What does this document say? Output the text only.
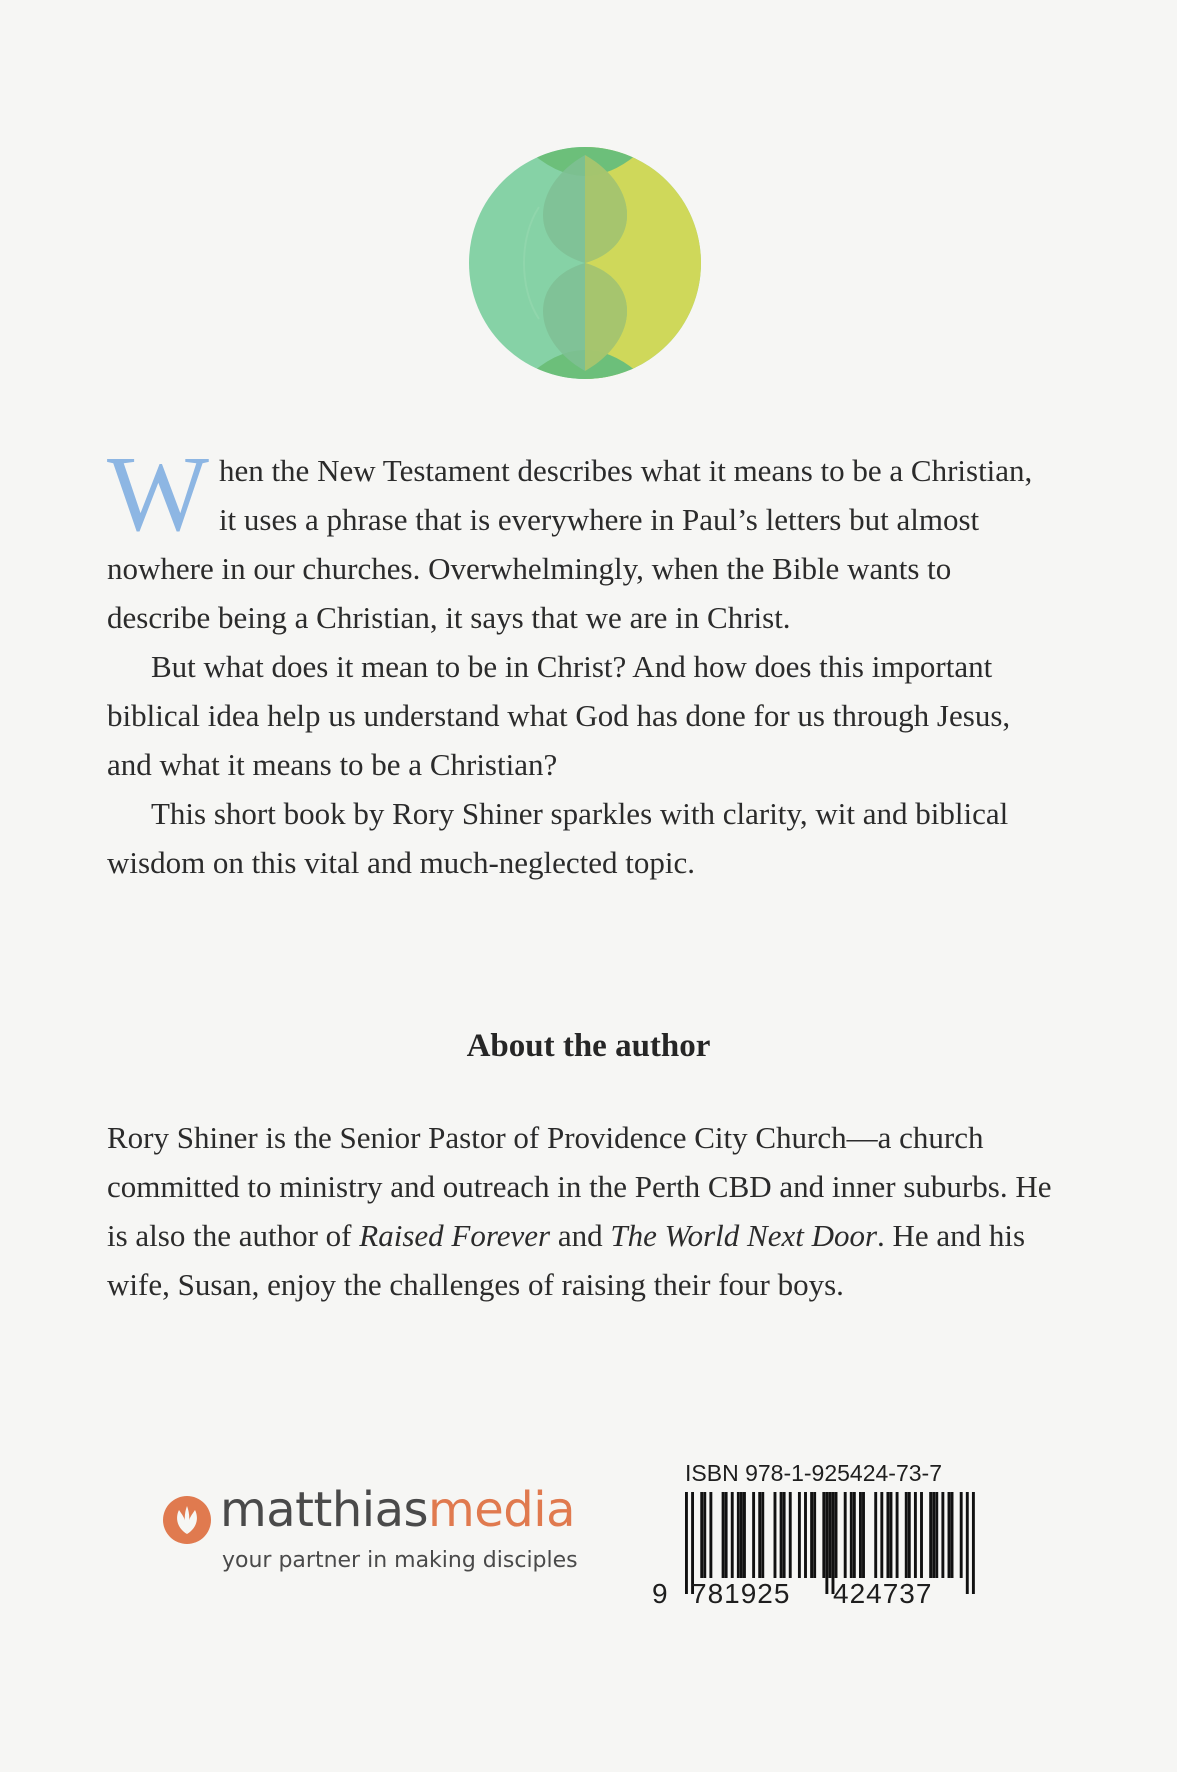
When the New Testament describes what it means to be a Christian, it uses a phrase that is everywhere in Paul’s letters but almost nowhere in our churches. Overwhelmingly, when the Bible wants to describe being a Christian, it says that we are in Christ.

But what does it mean to be in Christ? And how does this important biblical idea help us understand what God has done for us through Jesus, and what it means to be a Christian?

This short book by Rory Shiner sparkles with clarity, wit and biblical wisdom on this vital and much-neglected topic.

About the author

Rory Shiner is the Senior Pastor of Providence City Church—a church committed to ministry and outreach in the Perth CBD and inner suburbs. He is also the author of Raised Forever and The World Next Door. He and his wife, Susan, enjoy the challenges of raising their four boys.

matthiasmedia
your partner in making disciples
ISBN 978-1-925424-73-7
9 781925 424737
